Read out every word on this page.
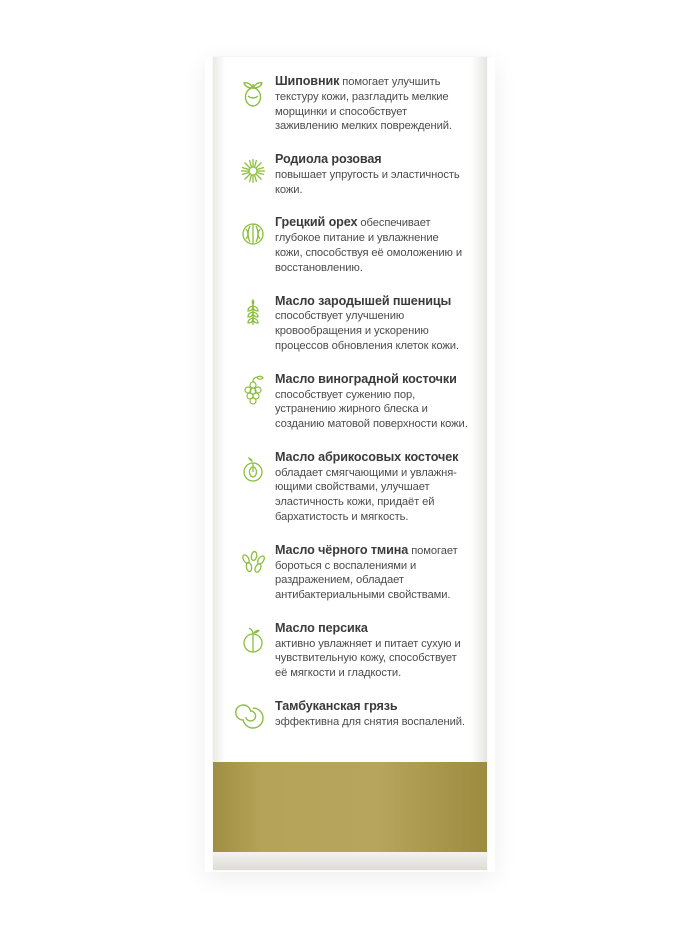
Шиповник помогает улучшить текстуру кожи, разгладить мелкие морщинки и способствует заживлению мелких повреждений.
Родиола розовая
повышает упругость и эластичность кожи.
Грецкий орех обеспечивает глубокое питание и увлажнение кожи, способствуя её омоложению и восстановлению.
Масло зародышей пшеницы способствует улучшению кровообращения и ускорению процессов обновления клеток кожи.
Масло виноградной косточки способствует сужению пор, устранению жирного блеска и созданию матовой поверхности кожи.
Масло абрикосовых косточек обладает смягчающими и увлажня-ющими свойствами, улучшает эластичность кожи, придаёт ей бархатистость и мягкость.
Масло чёрного тмина помогает бороться с воспалениями и раздражением, обладает антибактериальными свойствами.
Масло персика
активно увлажняет и питает сухую и чувствительную кожу, способствует её мягкости и гладкости.
Тамбуканская грязь
эффективна для снятия воспалений.
